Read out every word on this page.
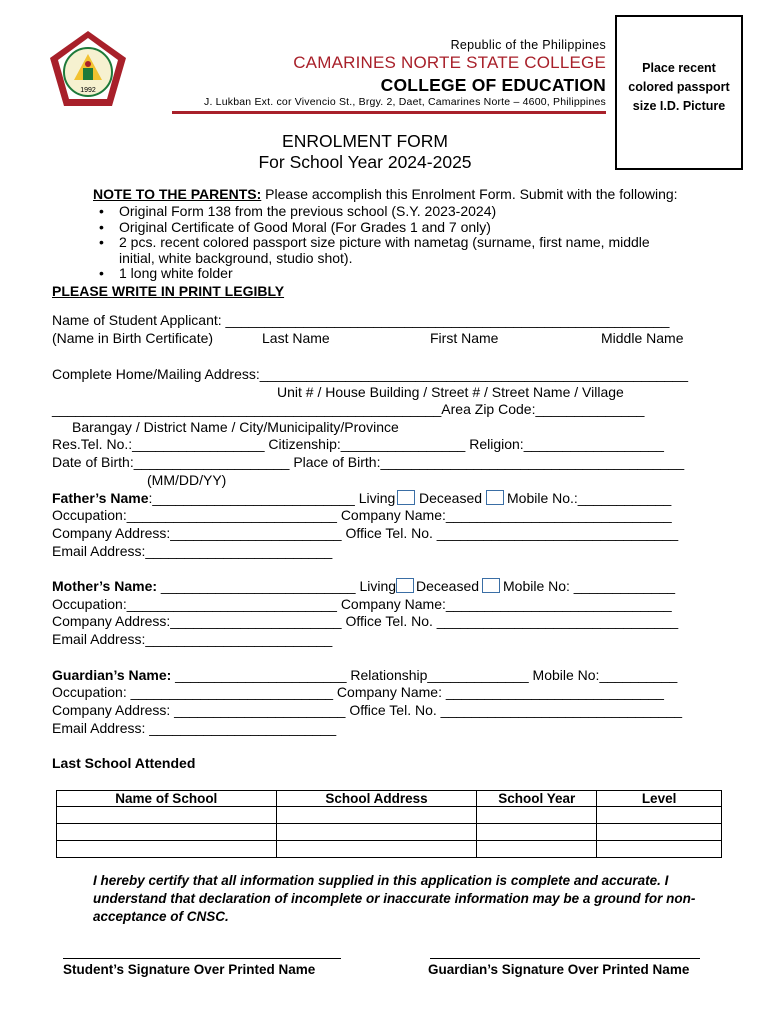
1992
Republic of the Philippines
CAMARINES NORTE STATE COLLEGE
COLLEGE OF EDUCATION
J. Lukban Ext. cor Vivencio St., Brgy. 2, Daet, Camarines Norte – 4600, Philippines
Place recent colored passport size I.D. Picture
ENROLMENT FORM
For School Year 2024-2025
NOTE TO THE PARENTS: Please accomplish this Enrolment Form. Submit with the following:
• Original Form 138 from the previous school (S.Y. 2023-2024)
• Original Certificate of Good Moral (For Grades 1 and 7 only)
• 2 pcs. recent colored passport size picture with nametag (surname, first name, middle initial, white background, studio shot).
• 1 long white folder
PLEASE WRITE IN PRINT LEGIBLY
Name of Student Applicant: _________________________________________________________
(Name in Birth Certificate)	Last Name	First Name	Middle Name
Complete Home/Mailing Address:_______________________________________________________
Unit # / House Building / Street # / Street Name / Village
__________________________________________________Area Zip Code:______________
Barangay / District Name / City/Municipality/Province
Res.Tel. No.:_________________ Citizenship:________________ Religion:__________________
Date of Birth:____________________ Place of Birth:_______________________________________
(MM/DD/YY)
Father’s Name:__________________________ Living Deceased Mobile No.:____________
Occupation:___________________________ Company Name:_____________________________
Company Address:______________________ Office Tel. No. _______________________________
Email Address:________________________
Mother’s Name: _________________________ Living Deceased Mobile No: _____________
Occupation:___________________________ Company Name:_____________________________
Company Address:______________________ Office Tel. No. _______________________________
Email Address:________________________
Guardian’s Name: ______________________ Relationship_____________ Mobile No:__________
Occupation: __________________________ Company Name: ____________________________
Company Address: ______________________ Office Tel. No. _______________________________
Email Address: ________________________
Last School Attended
Name of School	School Address	School Year	Level

I hereby certify that all information supplied in this application is complete and accurate. I understand that declaration of incomplete or inaccurate information may be a ground for non-acceptance of CNSC.
Student’s Signature Over Printed Name	Guardian’s Signature Over Printed Name
